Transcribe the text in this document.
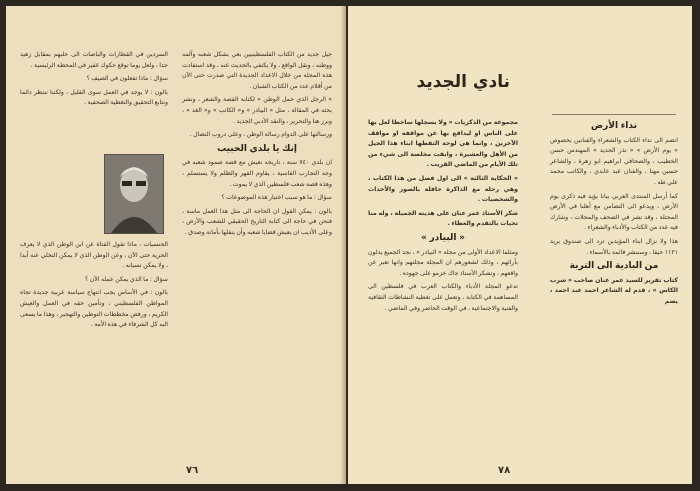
جيل جديد من الكتاب الفلسطينيين بعي بشكل شعبه وآلمه ووطنه ، ونقل الواقع ، ولا يكتفي بالحديث عنه ، وقد استفادت هذه المجلة من خلال الاعداد الجديدة التي صدرت حتى الآن من أقلام عدد من الكتاب الشبان .

« الرجل الذي حمل الوطن » لكتابة القصة والشعر ، ونشر بحثه في المقالة ، مثل « البيادر » و« الكاتب » و« الغد » ، وبرز هنا والتحرير ، والنقد الأدبي الجديد .

ورسالتها على الدوام رسالة الوطن ، وعلى دروب النضال .

إنك يا بلدي الحبيب

ان بلدي ٧٤٠ سنة ، تاريخه نعيش مع قصة صمود شعبه في وجه التجارب القاسية ، يقاوم القهر والظلم ولا يستسلم ، وهذه قصة شعب فلسطين الذي لا يموت .

سؤال : ما هو سبب اختيار هذه الموضوعات ؟

بالون : يمكن القول ان الحاجة الى مثل هذا العمل ماسة ، فنحن في حاجة الى كتابة التاريخ الحقيقي للشعب والأرض ، وعلى الأديب ان يعيش قضايا شعبه وأن ينقلها بأمانة وصدق .

السردين في القطارات والباصات الى حلبهم بمقابل زهيد جدا ، ولعل يوما توقع حكوك غفير في المحطة الرئيسية .

سؤال : ماذا تفعلون في الصيف ؟

بالون : لا يوجد في العمل سوى القليل ، ولكننا ننتظر دائما ونتابع التحقيق والتغطية الصحفية .

الجنسيات ، ماذا تقول الفتاة عن ابن الوطن الذي لا يعرف الحرية حتى الآن ، وعن الوطن الذي لا يمكن التخلي عنه أبدا ، ولا يمكن نسيانه .

سؤال : ما الذي يمكن عمله الآن ؟

بالون : في الأساس يجب انتهاج سياسة عربية جديدة تجاه المواطن الفلسطيني ، وتأمين حقه في العمل والعيش الكريم ، ورفض مخططات التوطين والتهجير ، وهذا ما يسعى اليه كل الشرفاء في هذه الأمة .

٧٦
نادي الجديد

مجموعة من الذكريات « ولا بسجلها ساخطا لعل بها على الناس او ليدافع بها عن مواقفه او مواقف الآخرين ، وانما هي لوحة التقطها ابناء هذا الجيل من الأهل والعشيرة ، وابقت مخلصة الى شيء من تلك الأيام من الماضي القريب .

« الحكاية الثالثة » الى اول فصل من هذا الكتاب ، وهي رحلة مع الذاكرة حافلة بالصور والأحداث والشخصيات .

شكر الأستاذ عمر عنان على هديته الجميلة ، وله منا تحيات بالتقدم والعطاء .

« البيادر »

ومثلما الاعداد الأولى من مجلة « البيادر » ، نجد الجميع يدلون بآرائهم ، وذلك لشعورهم ان المجلة مجلتهم وانها تعبر عن واقعهم ، وتشكر الأستاذ جاك خزمو على جهوده .

تدعو المجلة الأدباء والكتاب العرب في فلسطين الى المساهمة في الكتابة ، وتعمل على تغطية النشاطات الثقافية والفنية والاجتماعية ، في الوقت الحاضر وفي الماضي .

نداء الأرض

انضم الى نداء الكتاب والشعراء والفنانين بخصوص « يوم الأرض » « نذر الجديد » المهندس حسن الخطيب ، والصحافي ابراهيم ابو زهرة ، والشاعر حسين مهنا ، والفنان عبد عابدي ، والكاتب محمد علي طه .

كما أرسل المنتدى العربي بيانا يؤيد فيه ذكرى يوم الأرض ، ويدعو الى التضامن مع أهلنا في الأرض المحتلة ، وقد نشر في الصحف والمجلات ، وشارك فيه عدد من الكتاب والأدباء والشعراء .

هذا ولا نزال ابناء المؤيدين ترد الى صندوق بريد ١١٢١ حيفا ، وسننشر قائمة بالأسماء .

من البادية الى التربة

كتاب تقرير للسيد عمر عنان صاحب « شرب الكاس » ، قدم له الشاعر احمد عبد احمد ، يضم

٧٨
